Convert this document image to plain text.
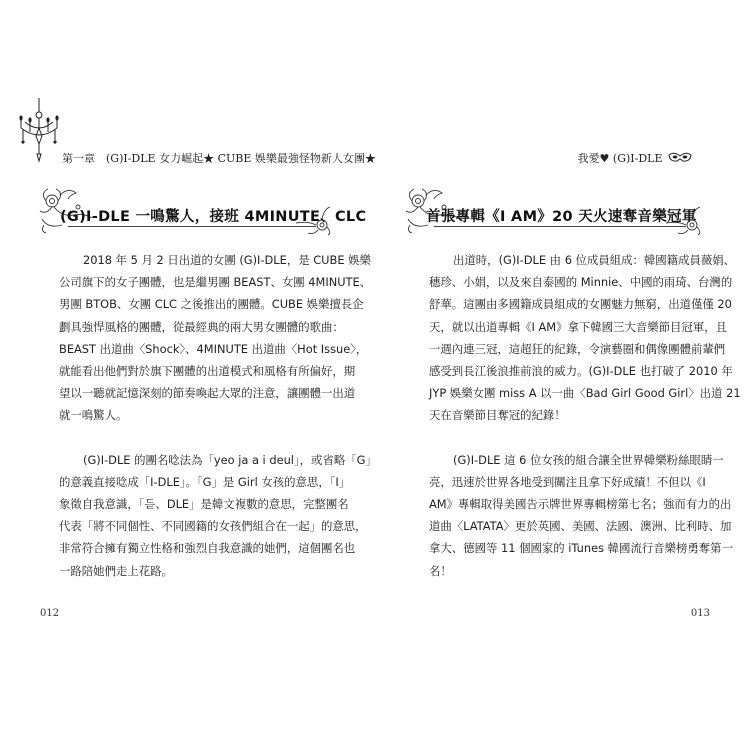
第一章　(G)I-DLE 女力崛起★ CUBE 娛樂最強怪物新人女團★
(G)I-DLE 一鳴驚人，接班 4MINUTE、CLC
2018 年 5 月 2 日出道的女團 (G)I-DLE，是 CUBE 娛樂
公司旗下的女子團體，也是繼男團 BEAST、女團 4MINUTE、
男團 BTOB、女團 CLC 之後推出的團體。CUBE 娛樂擅長企
劃具強悍風格的團體，從最經典的兩大男女團體的歌曲：
BEAST 出道曲〈Shock〉、4MINUTE 出道曲〈Hot Issue〉，
就能看出他們對於旗下團體的出道模式和風格有所偏好，期
望以一聽就記憶深刻的節奏喚起大眾的注意，讓團體一出道
就一鳴驚人。
(G)I-DLE 的團名唸法為「yeo ja a i deul」，或省略「G」
的意義直接唸成「I-DLE」。「G」是 Girl 女孩的意思，「I」
象徵自我意識，「듣、DLE」是韓文複數的意思，完整團名
代表「將不同個性、不同國籍的女孩們組合在一起」的意思，
非常符合擁有獨立性格和強烈自我意識的她們，這個團名也
一路陪她們走上花路。
012
我愛♥ (G)I-DLE
首張專輯《I AM》20 天火速奪音樂冠軍
出道時，(G)I-DLE 由 6 位成員組成：韓國籍成員薇娟、
穗珍、小娟，以及來自泰國的 Minnie、中國的雨琦、台灣的
舒華。這團由多國籍成員組成的女團魅力無窮，出道僅僅 20
天，就以出道專輯《I AM》拿下韓國三大音樂節目冠軍，且
一週內連三冠，這超狂的紀錄，令演藝圈和偶像團體前輩們
感受到長江後浪推前浪的威力。(G)I-DLE 也打破了 2010 年
JYP 娛樂女團 miss A 以一曲〈Bad Girl Good Girl〉出道 21
天在音樂節目奪冠的紀錄！
(G)I-DLE 這 6 位女孩的組合讓全世界韓樂粉絲眼睛一
亮，迅速於世界各地受到關注且拿下好成績！不但以《I
AM》專輯取得美國告示牌世界專輯榜第七名；強而有力的出
道曲〈LATATA〉更於英國、美國、法國、澳洲、比利時、加
拿大、德國等 11 個國家的 iTunes 韓國流行音樂榜勇奪第一
名！
013
